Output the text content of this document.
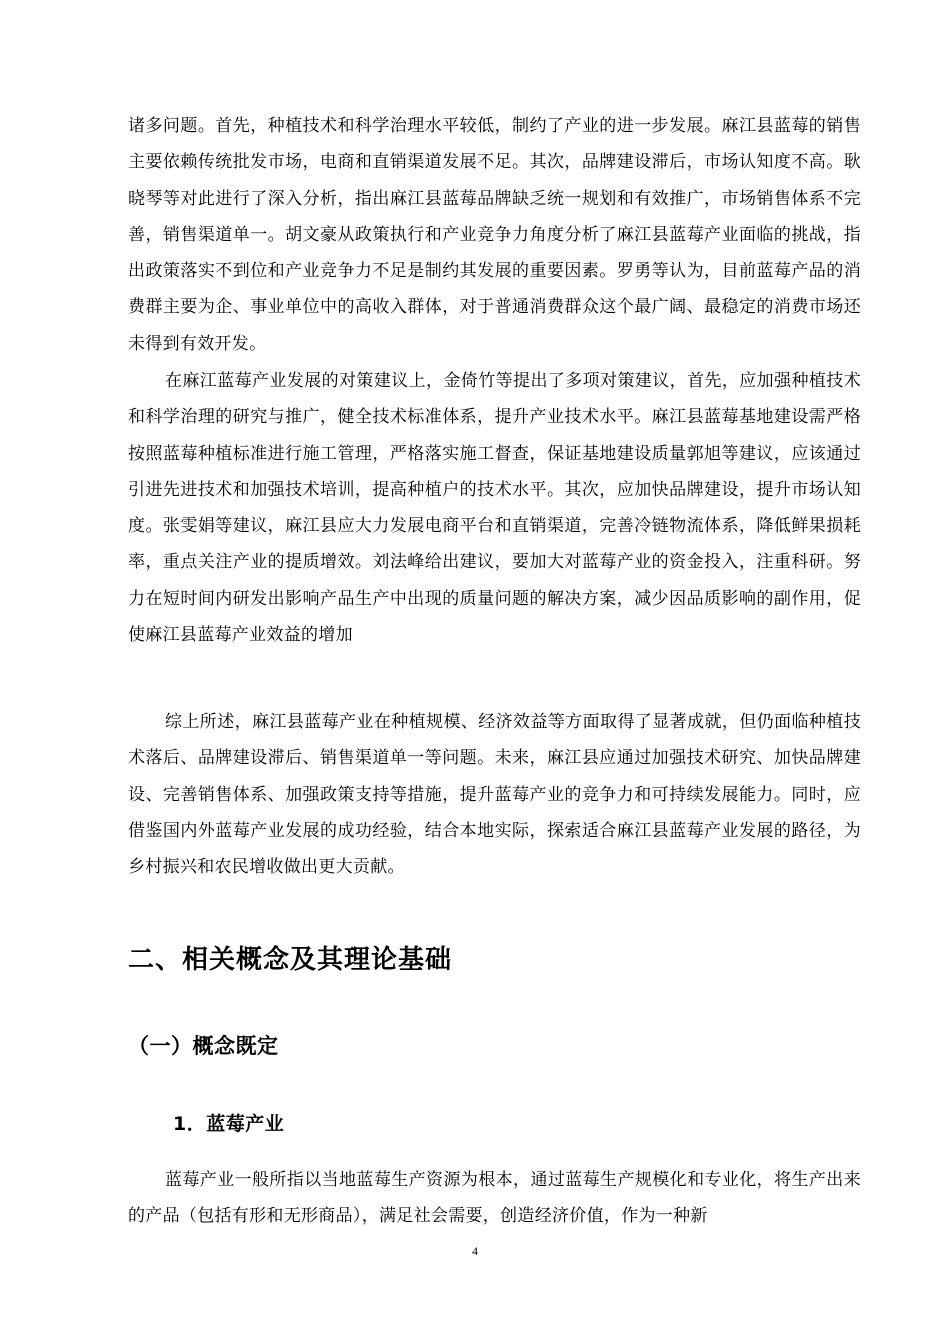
诸多问题。首先，种植技术和科学治理水平较低，制约了产业的进一步发展。麻江县蓝莓的销售主要依赖传统批发市场，电商和直销渠道发展不足。其次，品牌建设滞后，市场认知度不高。耿晓琴等对此进行了深入分析，指出麻江县蓝莓品牌缺乏统一规划和有效推广，市场销售体系不完善，销售渠道单一。胡文豪从政策执行和产业竞争力角度分析了麻江县蓝莓产业面临的挑战，指出政策落实不到位和产业竞争力不足是制约其发展的重要因素。罗勇等认为，目前蓝莓产品的消费群主要为企、事业单位中的高收入群体，对于普通消费群众这个最广阔、最稳定的消费市场还未得到有效开发。

在麻江蓝莓产业发展的对策建议上，金倚竹等提出了多项对策建议，首先，应加强种植技术和科学治理的研究与推广，健全技术标准体系，提升产业技术水平。麻江县蓝莓基地建设需严格按照蓝莓种植标准进行施工管理，严格落实施工督查，保证基地建设质量郭旭等建议，应该通过引进先进技术和加强技术培训，提高种植户的技术水平。其次，应加快品牌建设，提升市场认知度。张雯娟等建议，麻江县应大力发展电商平台和直销渠道，完善冷链物流体系，降低鲜果损耗率，重点关注产业的提质增效。刘法峰给出建议，要加大对蓝莓产业的资金投入，注重科研。努力在短时间内研发出影响产品生产中出现的质量问题的解决方案，减少因品质影响的副作用，促使麻江县蓝莓产业效益的增加

综上所述，麻江县蓝莓产业在种植规模、经济效益等方面取得了显著成就，但仍面临种植技术落后、品牌建设滞后、销售渠道单一等问题。未来，麻江县应通过加强技术研究、加快品牌建设、完善销售体系、加强政策支持等措施，提升蓝莓产业的竞争力和可持续发展能力。同时，应借鉴国内外蓝莓产业发展的成功经验，结合本地实际，探索适合麻江县蓝莓产业发展的路径，为乡村振兴和农民增收做出更大贡献。

二、相关概念及其理论基础
（一）概念既定
1．蓝莓产业

蓝莓产业一般所指以当地蓝莓生产资源为根本，通过蓝莓生产规模化和专业化，将生产出来的产品（包括有形和无形商品），满足社会需要，创造经济价值，作为一种新

4
